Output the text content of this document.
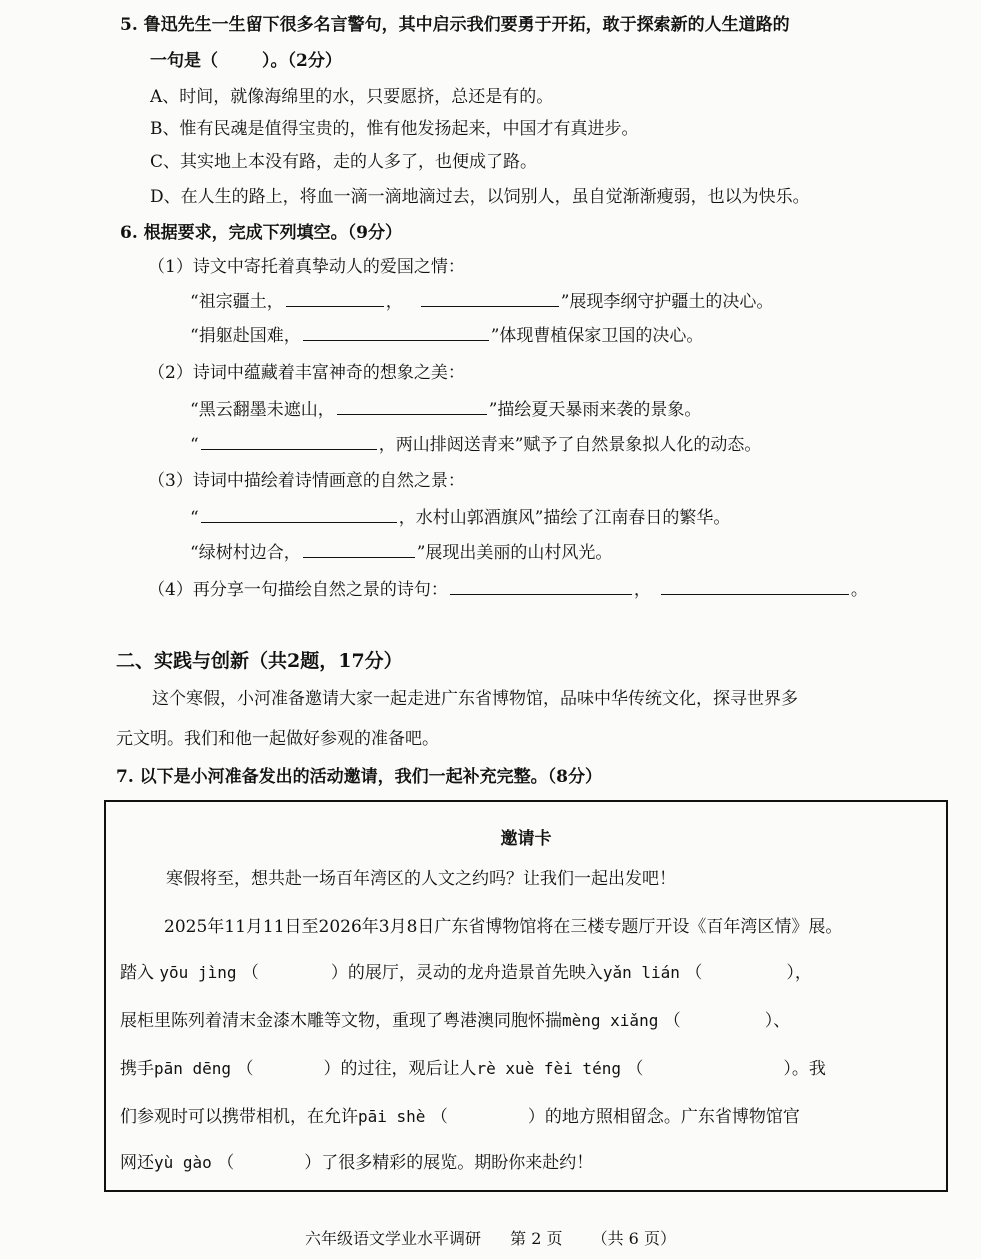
5. 鲁迅先生一生留下很多名言警句，其中启示我们要勇于开拓，敢于探索新的人生道路的
一句是（	）。（2分）
A、时间，就像海绵里的水，只要愿挤，总还是有的。
B、惟有民魂是值得宝贵的，惟有他发扬起来，中国才有真进步。
C、其实地上本没有路，走的人多了，也便成了路。
D、在人生的路上，将血一滴一滴地滴过去，以饲别人，虽自觉渐渐瘦弱，也以为快乐。
6. 根据要求，完成下列填空。（9分）
（1）诗文中寄托着真挚动人的爱国之情：
“祖宗疆土，	，	”展现李纲守护疆土的决心。
“捐躯赴国难，	”体现曹植保家卫国的决心。
（2）诗词中蕴藏着丰富神奇的想象之美：
“黑云翻墨未遮山，	”描绘夏天暴雨来袭的景象。
“	，两山排闼送青来”赋予了自然景象拟人化的动态。
（3）诗词中描绘着诗情画意的自然之景：
“	，水村山郭酒旗风”描绘了江南春日的繁华。
“绿树村边合，	”展现出美丽的山村风光。
（4）再分享一句描绘自然之景的诗句：	，	。
二、实践与创新（共2题，17分）
这个寒假，小河准备邀请大家一起走进广东省博物馆，品味中华传统文化，探寻世界多
元文明。我们和他一起做好参观的准备吧。
7. 以下是小河准备发出的活动邀请，我们一起补充完整。（8分）
邀请卡
寒假将至，想共赴一场百年湾区的人文之约吗？让我们一起出发吧！
2025年11月11日至2026年3月8日广东省博物馆将在三楼专题厅开设《百年湾区情》展。
踏入 yōu jìng （	）的展厅，灵动的龙舟造景首先映入yǎn lián （	），
展柜里陈列着清末金漆木雕等文物，重现了粤港澳同胞怀揣mèng xiǎng （	）、
携手pān dēng （	）的过往，观后让人rè xuè fèi téng （	）。我
们参观时可以携带相机，在允许pāi shè （	）的地方照相留念。广东省博物馆官
网还yù gào （	）了很多精彩的展览。期盼你来赴约！
六年级语文学业水平调研 第 2 页 （共 6 页）
